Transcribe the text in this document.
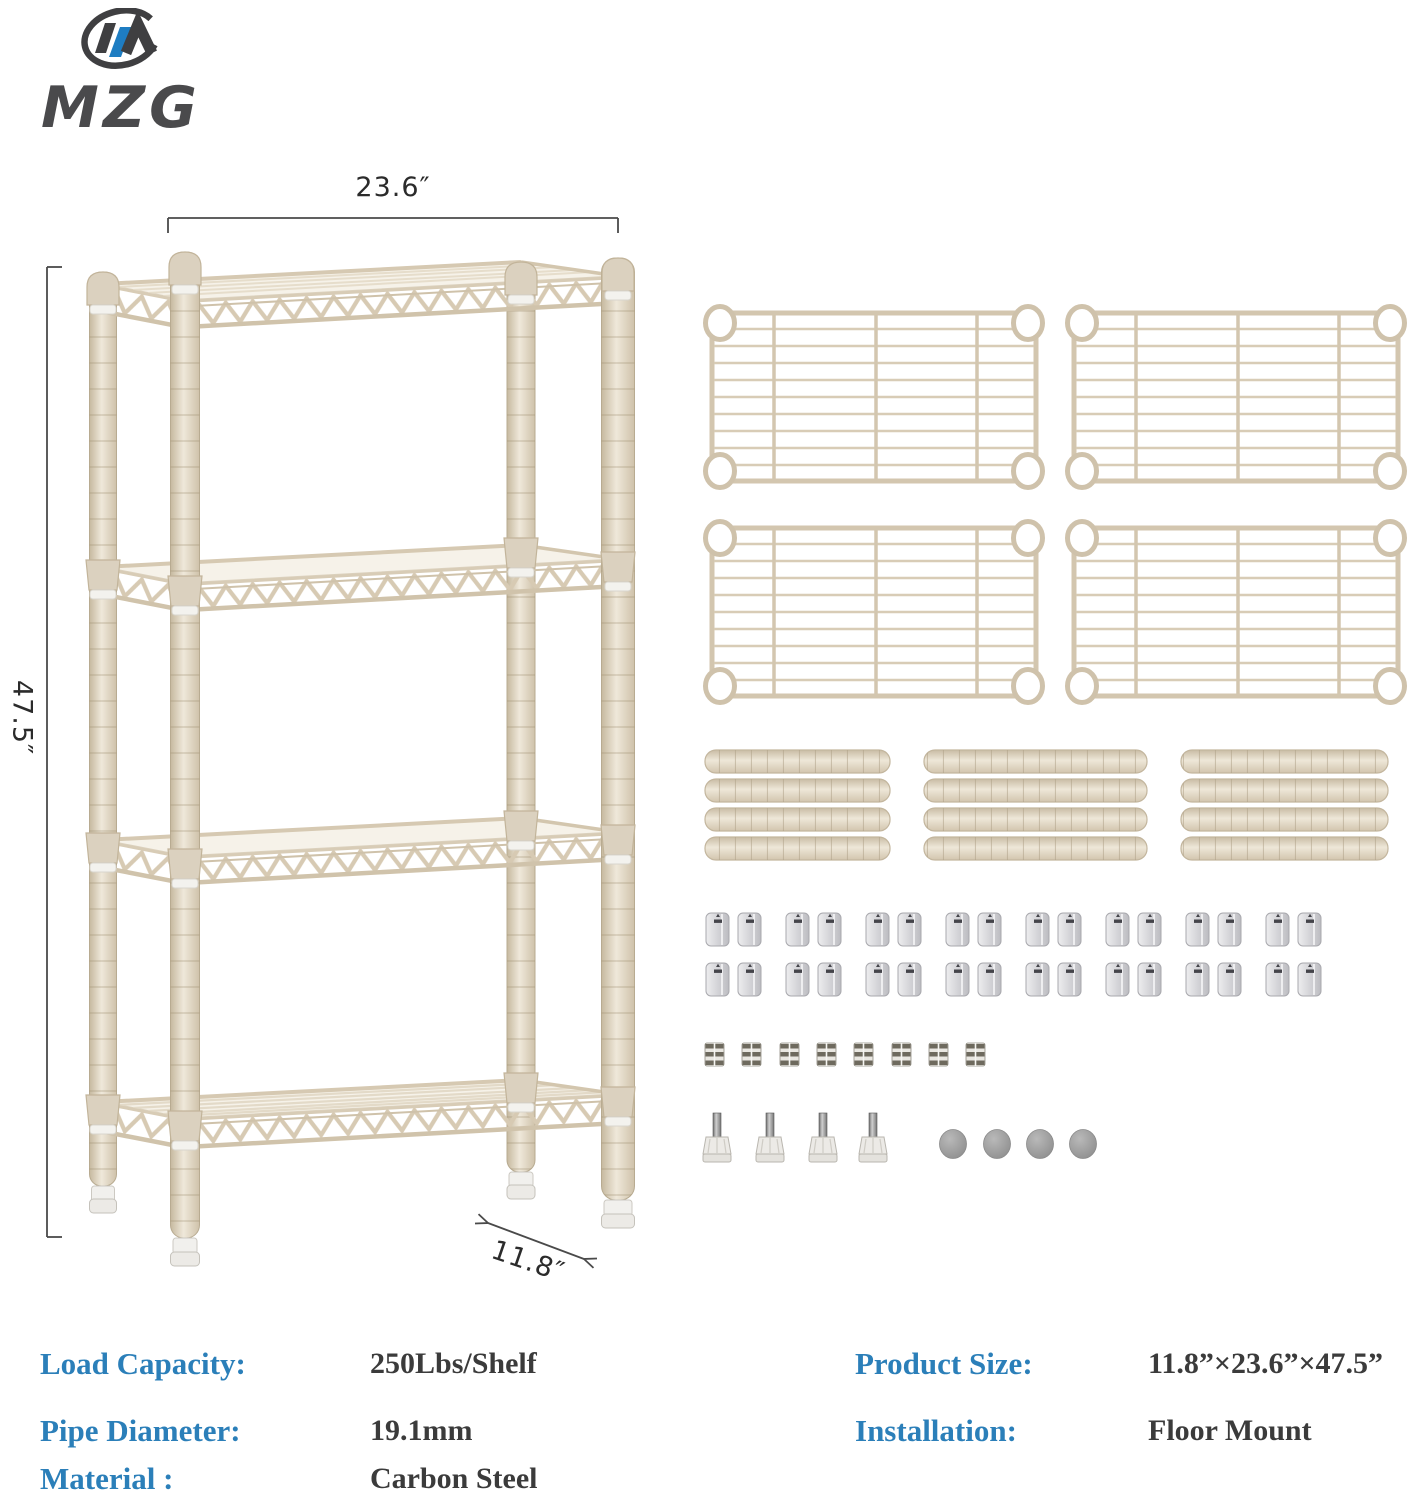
MZG
23.6″
47.5″
11.8″
Load Capacity:	250Lbs/Shelf
Pipe Diameter:	19.1mm
Material :	Carbon Steel
Product Size:	11.8”×23.6”×47.5”
Installation:	Floor Mount
